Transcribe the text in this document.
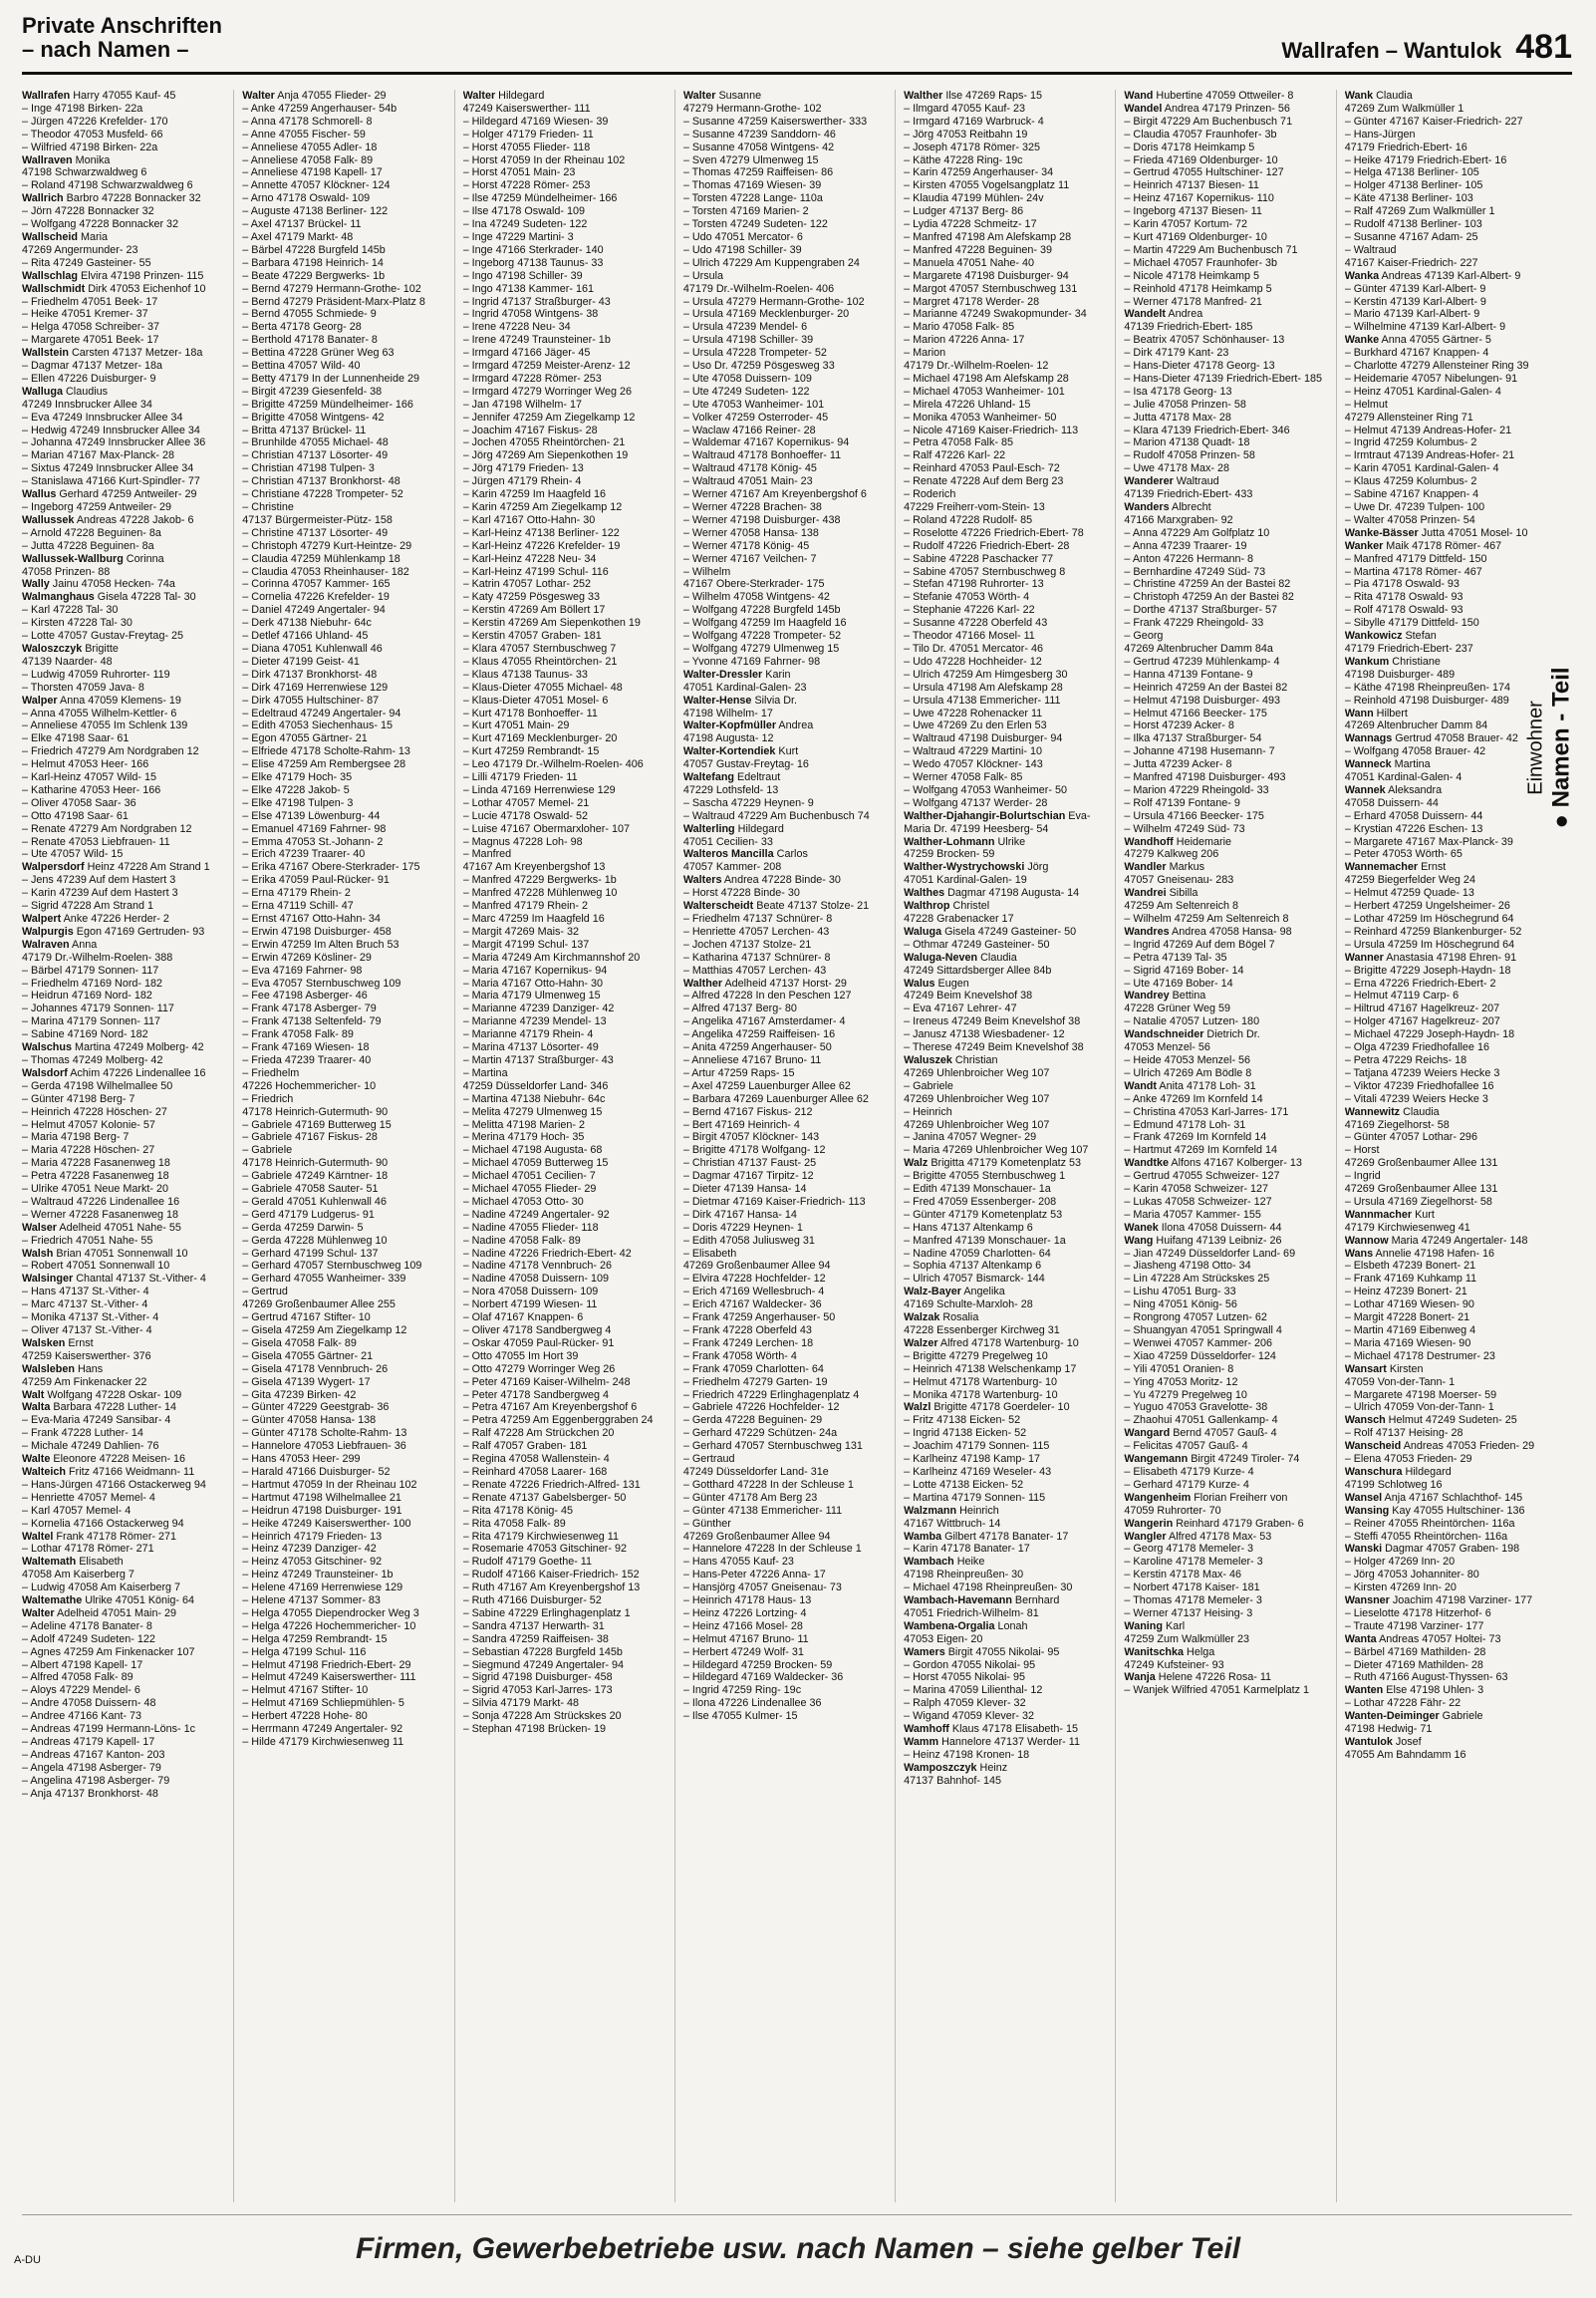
Private Anschriften
– nach Namen –	Wallrafen – Wantulok 481
Wallrafen Harry 47055 Kauf- 45
– Inge 47198 Birken- 22a
– Jürgen 47226 Krefelder- 170
– Theodor 47053 Musfeld- 66
– Wilfried 47198 Birken- 22a
Wallraven Monika
47198 Schwarzwaldweg 6
– Roland 47198 Schwarzwaldweg 6
Wallrich Barbro 47228 Bonnacker 32
– Jörn 47228 Bonnacker 32
– Wolfgang 47228 Bonnacker 32
Wallscheid Maria
47269 Angermunder- 23
– Rita 47249 Gasteiner- 55
Wallschlag Elvira 47198 Prinzen- 115
Wallschmidt Dirk 47053 Eichenhof 10
– Friedhelm 47051 Beek- 17
– Heike 47051 Kremer- 37
– Helga 47058 Schreiber- 37
– Margarete 47051 Beek- 17
Wallstein Carsten 47137 Metzer- 18a
– Dagmar 47137 Metzer- 18a
– Ellen 47226 Duisburger- 9
Walluga Claudius
47249 Innsbrucker Allee 34
– Eva 47249 Innsbrucker Allee 34
– Hedwig 47249 Innsbrucker Allee 34
– Johanna 47249 Innsbrucker Allee 36
– Marian 47167 Max-Planck- 28
– Sixtus 47249 Innsbrucker Allee 34
– Stanislawa 47166 Kurt-Spindler- 77
Wallus Gerhard 47259 Antweiler- 29
– Ingeborg 47259 Antweiler- 29
Wallussek Andreas 47228 Jakob- 6
– Arnold 47228 Beguinen- 8a
– Jutta 47228 Beguinen- 8a
Wallussek-Wallburg Corinna
47058 Prinzen- 88
Wally Jainu 47058 Hecken- 74a
Walmanghaus Gisela 47228 Tal- 30
– Karl 47228 Tal- 30
– Kirsten 47228 Tal- 30
– Lotte 47057 Gustav-Freytag- 25
Waloszczyk Brigitte
47139 Naarder- 48
– Ludwig 47059 Ruhrorter- 119
– Thorsten 47059 Java- 8
Walper Anna 47059 Klemens- 19
– Anna 47055 Wilhelm-Kettler- 6
– Anneliese 47055 Im Schlenk 139
– Elke 47198 Saar- 61
– Friedrich 47279 Am Nordgraben 12
– Helmut 47053 Heer- 166
– Karl-Heinz 47057 Wild- 15
– Katharine 47053 Heer- 166
– Oliver 47058 Saar- 36
– Otto 47198 Saar- 61
– Renate 47279 Am Nordgraben 12
– Renate 47053 Liebfrauen- 11
– Ute 47057 Wild- 15
Walpersdorf Heinz 47228 Am Strand 1
– Jens 47239 Auf dem Hastert 3
– Karin 47239 Auf dem Hastert 3
– Sigrid 47228 Am Strand 1
Walpert Anke 47226 Herder- 2
Walpurgis Egon 47169 Gertruden- 93
Walraven Anna
47179 Dr.-Wilhelm-Roelen- 388
– Bärbel 47179 Sonnen- 117
– Friedhelm 47169 Nord- 182
– Heidrun 47169 Nord- 182
– Johannes 47179 Sonnen- 117
– Marina 47179 Sonnen- 117
– Sabine 47169 Nord- 182
Walschus Martina 47249 Molberg- 42
– Thomas 47249 Molberg- 42
Walsdorf Achim 47226 Lindenallee 16
– Gerda 47198 Wilhelmallee 50
– Günter 47198 Berg- 7
– Heinrich 47228 Höschen- 27
– Helmut 47057 Kolonie- 57
– Maria 47198 Berg- 7
– Maria 47228 Höschen- 27
– Maria 47228 Fasanenweg 18
– Petra 47228 Fasanenweg 18
– Ulrike 47051 Neue Markt- 20
– Waltraud 47226 Lindenallee 16
– Werner 47228 Fasanenweg 18
Walser Adelheid 47051 Nahe- 55
– Friedrich 47051 Nahe- 55
Walsh Brian 47051 Sonnenwall 10
– Robert 47051 Sonnenwall 10
Walsinger Chantal 47137 St.-Vither- 4
– Hans 47137 St.-Vither- 4
– Marc 47137 St.-Vither- 4
– Monika 47137 St.-Vither- 4
– Oliver 47137 St.-Vither- 4
Walsken Ernst
47259 Kaiserswerther- 376
Walsleben Hans
47259 Am Finkenacker 22
Walt Wolfgang 47228 Oskar- 109
Walta Barbara 47228 Luther- 14
– Eva-Maria 47249 Sansibar- 4
– Frank 47228 Luther- 14
– Michale 47249 Dahlien- 76
Walte Eleonore 47228 Meisen- 16
Walteich Fritz 47166 Weidmann- 11
– Hans-Jürgen 47166 Ostackerweg 94
– Henriette 47057 Memel- 4
– Karl 47057 Memel- 4
– Kornelia 47166 Ostackerweg 94
Waltel Frank 47178 Römer- 271
– Lothar 47178 Römer- 271
Waltemath Elisabeth
47058 Am Kaiserberg 7
– Ludwig 47058 Am Kaiserberg 7
Waltemathe Ulrike 47051 König- 64
Walter Adelheid 47051 Main- 29
– Adeline 47178 Banater- 8
– Adolf 47249 Sudeten- 122
– Agnes 47259 Am Finkenacker 107
– Albert 47198 Kapell- 17
– Alfred 47058 Falk- 89
– Aloys 47229 Mendel- 6
– Andre 47058 Duissern- 48
– Andree 47166 Kant- 73
– Andreas 47199 Hermann-Löns- 1c
– Andreas 47179 Kapell- 17
– Andreas 47167 Kanton- 203
– Angela 47198 Asberger- 79
– Angelina 47198 Asberger- 79
– Anja 47137 Bronkhorst- 48
Walter Anja 47055 Flieder- 29
– Anke 47259 Angerhauser- 54b
– Anna 47178 Schmorell- 8
– Anne 47055 Fischer- 59
– Anneliese 47055 Adler- 18
– Anneliese 47058 Falk- 89
– Anneliese 47198 Kapell- 17
– Annette 47057 Klöckner- 124
– Arno 47178 Oswald- 109
– Auguste 47138 Berliner- 122
– Axel 47137 Brückel- 11
– Axel 47179 Markt- 48
– Bärbel 47228 Burgfeld 145b
– Barbara 47198 Heinrich- 14
– Beate 47229 Bergwerks- 1b
– Bernd 47279 Hermann-Grothe- 102
– Bernd 47279 Präsident-Marx-Platz 8
– Bernd 47055 Schmiede- 9
– Berta 47178 Georg- 28
– Berthold 47178 Banater- 8
– Bettina 47228 Grüner Weg 63
– Bettina 47057 Wild- 40
– Betty 47179 In der Lunnenheide 29
– Birgit 47239 Giesenfeld- 38
– Brigitte 47259 Mündelheimer- 166
– Brigitte 47058 Wintgens- 42
– Britta 47137 Brückel- 11
– Brunhilde 47055 Michael- 48
– Christian 47137 Lösorter- 49
– Christian 47198 Tulpen- 3
– Christian 47137 Bronkhorst- 48
– Christiane 47228 Trompeter- 52
– Christine
47137 Bürgermeister-Pütz- 158
– Christine 47137 Lösorter- 49
– Christoph 47279 Kurt-Heintze- 29
– Claudia 47259 Mühlenkamp 18
– Claudia 47053 Rheinhauser- 182
– Corinna 47057 Kammer- 165
– Cornelia 47226 Krefelder- 19
– Daniel 47249 Angertaler- 94
– Derk 47138 Niebuhr- 64c
– Detlef 47166 Uhland- 45
– Diana 47051 Kuhlenwall 46
– Dieter 47199 Geist- 41
– Dirk 47137 Bronkhorst- 48
– Dirk 47169 Herrenwiese 129
– Dirk 47055 Hultschiner- 87
– Edeltraud 47249 Angertaler- 94
– Edith 47053 Siechenhaus- 15
– Egon 47055 Gärtner- 21
– Elfriede 47178 Scholte-Rahm- 13
– Elise 47259 Am Rembergsee 28
– Elke 47179 Hoch- 35
– Elke 47228 Jakob- 5
– Elke 47198 Tulpen- 3
– Else 47139 Löwenburg- 44
– Emanuel 47169 Fahrner- 98
– Emma 47053 St.-Johann- 2
– Erich 47239 Traarer- 40
– Erika 47167 Obere-Sterkrader- 175
– Erika 47059 Paul-Rücker- 91
– Erna 47179 Rhein- 2
– Erna 47119 Schill- 47
– Ernst 47167 Otto-Hahn- 34
– Erwin 47198 Duisburger- 458
– Erwin 47259 Im Alten Bruch 53
– Erwin 47269 Kösliner- 29
– Eva 47169 Fahrner- 98
– Eva 47057 Sternbuschweg 109
– Fee 47198 Asberger- 46
– Frank 47178 Asberger- 79
– Frank 47138 Seltenfeld- 79
– Frank 47058 Falk- 89
– Frank 47169 Wiesen- 18
– Frieda 47239 Traarer- 40
– Friedhelm
47226 Hochemmericher- 10
– Friedrich
47178 Heinrich-Gutermuth- 90
– Gabriele 47169 Butterweg 15
– Gabriele 47167 Fiskus- 28
– Gabriele
47178 Heinrich-Gutermuth- 90
– Gabriele 47249 Kärntner- 18
– Gabriele 47058 Sauter- 51
– Gerald 47051 Kuhlenwall 46
– Gerd 47179 Ludgerus- 91
– Gerda 47259 Darwin- 5
– Gerda 47228 Mühlenweg 10
– Gerhard 47199 Schul- 137
– Gerhard 47057 Sternbuschweg 109
– Gerhard 47055 Wanheimer- 339
– Gertrud
47269 Großenbaumer Allee 255
– Gertrud 47167 Stifter- 10
– Gisela 47259 Am Ziegelkamp 12
– Gisela 47058 Falk- 89
– Gisela 47055 Gärtner- 21
– Gisela 47178 Vennbruch- 26
– Gisela 47139 Wygert- 17
– Gita 47239 Birken- 42
– Günter 47229 Geestgrab- 36
– Günter 47058 Hansa- 138
– Günter 47178 Scholte-Rahm- 13
– Hannelore 47053 Liebfrauen- 36
– Hans 47053 Heer- 299
– Harald 47166 Duisburger- 52
– Hartmut 47059 In der Rheinau 102
– Hartmut 47198 Wilhelmallee 21
– Heidrun 47198 Duisburger- 191
– Heike 47249 Kaiserswerther- 100
– Heinrich 47179 Frieden- 13
– Heinz 47239 Danziger- 42
– Heinz 47053 Gitschiner- 92
– Heinz 47249 Traunsteiner- 1b
– Helene 47169 Herrenwiese 129
– Helene 47137 Sommer- 83
– Helga 47055 Diependrocker Weg 3
– Helga 47226 Hochemmericher- 10
– Helga 47259 Rembrandt- 15
– Helga 47199 Schul- 116
– Helmut 47198 Friedrich-Ebert- 29
– Helmut 47249 Kaiserswerther- 111
– Helmut 47167 Stifter- 10
– Helmut 47169 Schliepmühlen- 5
– Herbert 47228 Hohe- 80
– Herrmann 47249 Angertaler- 92
– Hilde 47179 Kirchwiesenweg 11
Walter Hildegard
47249 Kaiserswerther- 111
– Hildegard 47169 Wiesen- 39
– Holger 47179 Frieden- 11
– Horst 47055 Flieder- 118
– Horst 47059 In der Rheinau 102
– Horst 47051 Main- 23
– Horst 47228 Römer- 253
– Ilse 47259 Mündelheimer- 166
– Ilse 47178 Oswald- 109
– Ina 47249 Sudeten- 122
– Inge 47229 Martini- 3
– Inge 47166 Sterkrader- 140
– Ingeborg 47138 Taunus- 33
– Ingo 47198 Schiller- 39
– Ingo 47138 Kammer- 161
– Ingrid 47137 Straßburger- 43
– Ingrid 47058 Wintgens- 38
– Irene 47228 Neu- 34
– Irene 47249 Traunsteiner- 1b
– Irmgard 47166 Jäger- 45
– Irmgard 47259 Meister-Arenz- 12
– Irmgard 47228 Römer- 253
– Irmgard 47279 Worringer Weg 26
– Jan 47198 Wilhelm- 17
– Jennifer 47259 Am Ziegelkamp 12
– Joachim 47167 Fiskus- 28
– Jochen 47055 Rheintörchen- 21
– Jörg 47269 Am Siepenkothen 19
– Jörg 47179 Frieden- 13
– Jürgen 47179 Rhein- 4
– Karin 47259 Im Haagfeld 16
– Karin 47259 Am Ziegelkamp 12
– Karl 47167 Otto-Hahn- 30
– Karl-Heinz 47138 Berliner- 122
– Karl-Heinz 47226 Krefelder- 19
– Karl-Heinz 47228 Neu- 34
– Karl-Heinz 47199 Schul- 116
– Katrin 47057 Lothar- 252
– Katy 47259 Pösgesweg 33
– Kerstin 47269 Am Böllert 17
– Kerstin 47269 Am Siepenkothen 19
– Kerstin 47057 Graben- 181
– Klara 47057 Sternbuschweg 7
– Klaus 47055 Rheintörchen- 21
– Klaus 47138 Taunus- 33
– Klaus-Dieter 47055 Michael- 48
– Klaus-Dieter 47051 Mosel- 6
– Kurt 47178 Bonhoeffer- 11
– Kurt 47051 Main- 29
– Kurt 47169 Mecklenburger- 20
– Kurt 47259 Rembrandt- 15
– Leo 47179 Dr.-Wilhelm-Roelen- 406
– Lilli 47179 Frieden- 11
– Linda 47169 Herrenwiese 129
– Lothar 47057 Memel- 21
– Lucie 47178 Oswald- 52
– Luise 47167 Obermarxloher- 107
– Magnus 47228 Loh- 98
– Manfred
47167 Am Kreyenbergshof 13
– Manfred 47229 Bergwerks- 1b
– Manfred 47228 Mühlenweg 10
– Manfred 47179 Rhein- 2
– Marc 47259 Im Haagfeld 16
– Margit 47269 Mais- 32
– Margit 47199 Schul- 137
– Maria 47249 Am Kirchmannshof 20
– Maria 47167 Kopernikus- 94
– Maria 47167 Otto-Hahn- 30
– Maria 47179 Ulmenweg 15
– Marianne 47239 Danziger- 42
– Marianne 47239 Mendel- 13
– Marianne 47179 Rhein- 4
– Marina 47137 Lösorter- 49
– Martin 47137 Straßburger- 43
– Martina
47259 Düsseldorfer Land- 346
– Martina 47138 Niebuhr- 64c
– Melita 47279 Ulmenweg 15
– Melitta 47198 Marien- 2
– Merina 47179 Hoch- 35
– Michael 47198 Augusta- 68
– Michael 47059 Butterweg 15
– Michael 47051 Cecilien- 7
– Michael 47055 Flieder- 29
– Michael 47053 Otto- 30
– Nadine 47249 Angertaler- 92
– Nadine 47055 Flieder- 118
– Nadine 47058 Falk- 89
– Nadine 47226 Friedrich-Ebert- 42
– Nadine 47178 Vennbruch- 26
– Nadine 47058 Duissern- 109
– Nora 47058 Duissern- 109
– Norbert 47199 Wiesen- 11
– Olaf 47167 Knappen- 6
– Oliver 47178 Sandbergweg 4
– Oskar 47059 Paul-Rücker- 91
– Otto 47055 Im Hort 39
– Otto 47279 Worringer Weg 26
– Peter 47169 Kaiser-Wilhelm- 248
– Peter 47178 Sandbergweg 4
– Petra 47167 Am Kreyenbergshof 6
– Petra 47259 Am Eggenberggraben 24
– Ralf 47228 Am Strückchen 20
– Ralf 47057 Graben- 181
– Regina 47058 Wallenstein- 4
– Reinhard 47058 Laarer- 168
– Renate 47226 Friedrich-Alfred- 131
– Renate 47137 Gabelsberger- 50
– Rita 47178 König- 45
– Rita 47058 Falk- 89
– Rita 47179 Kirchwiesenweg 11
– Rosemarie 47053 Gitschiner- 92
– Rudolf 47179 Goethe- 11
– Rudolf 47166 Kaiser-Friedrich- 152
– Ruth 47167 Am Kreyenbergshof 13
– Ruth 47166 Duisburger- 52
– Sabine 47229 Erlinghagenplatz 1
– Sandra 47137 Herwarth- 31
– Sandra 47259 Raiffeisen- 38
– Sebastian 47228 Burgfeld 145b
– Siegmund 47249 Angertaler- 94
– Sigrid 47198 Duisburger- 458
– Sigrid 47053 Karl-Jarres- 173
– Silvia 47179 Markt- 48
– Sonja 47228 Am Strückskes 20
– Stephan 47198 Brücken- 19
Walter Susanne
47279 Hermann-Grothe- 102
– Susanne 47259 Kaiserswerther- 333
– Susanne 47239 Sanddorn- 46
– Susanne 47058 Wintgens- 42
– Sven 47279 Ulmenweg 15
– Thomas 47259 Raiffeisen- 86
– Thomas 47169 Wiesen- 39
– Torsten 47228 Lange- 110a
– Torsten 47169 Marien- 2
– Torsten 47249 Sudeten- 122
– Udo 47051 Mercator- 6
– Udo 47198 Schiller- 39
– Ulrich 47229 Am Kuppengraben 24
– Ursula
47179 Dr.-Wilhelm-Roelen- 406
– Ursula 47279 Hermann-Grothe- 102
– Ursula 47169 Mecklenburger- 20
– Ursula 47239 Mendel- 6
– Ursula 47198 Schiller- 39
– Ursula 47228 Trompeter- 52
– Uso Dr. 47259 Pösgesweg 33
– Ute 47058 Duissern- 109
– Ute 47249 Sudeten- 122
– Ute 47053 Wanheimer- 101
– Volker 47259 Osterroder- 45
– Waclaw 47166 Reiner- 28
– Waldemar 47167 Kopernikus- 94
– Waltraud 47178 Bonhoeffer- 11
– Waltraud 47178 König- 45
– Waltraud 47051 Main- 23
– Werner 47167 Am Kreyenbergshof 6
– Werner 47228 Brachen- 38
– Werner 47198 Duisburger- 438
– Werner 47058 Hansa- 138
– Werner 47178 König- 45
– Werner 47167 Veilchen- 7
– Wilhelm
47167 Obere-Sterkrader- 175
– Wilhelm 47058 Wintgens- 42
– Wolfgang 47228 Burgfeld 145b
– Wolfgang 47259 Im Haagfeld 16
– Wolfgang 47228 Trompeter- 52
– Wolfgang 47279 Ulmenweg 15
– Yvonne 47169 Fahrner- 98
Walter-Dressler Karin
47051 Kardinal-Galen- 23
Walter-Hense Silvia Dr.
47198 Wilhelm- 17
Walter-Kopfmüller Andrea
47198 Augusta- 12
Walter-Kortendiek Kurt
47057 Gustav-Freytag- 16
Waltefang Edeltraut
47229 Lothsfeld- 13
– Sascha 47229 Heynen- 9
– Waltraud 47229 Am Buchenbusch 74
Walterling Hildegard
47051 Cecilien- 33
Walteros Mancilla Carlos
47057 Kammer- 208
Walters Andrea 47228 Binde- 30
– Horst 47228 Binde- 30
Walterscheidt Beate 47137 Stolze- 21
– Friedhelm 47137 Schnürer- 8
– Henriette 47057 Lerchen- 43
– Jochen 47137 Stolze- 21
– Katharina 47137 Schnürer- 8
– Matthias 47057 Lerchen- 43
Walther Adelheid 47137 Horst- 29
– Alfred 47228 In den Peschen 127
– Alfred 47137 Berg- 80
– Angelika 47167 Amsterdamer- 4
– Angelika 47259 Raiffeisen- 16
– Anita 47259 Angerhauser- 50
– Anneliese 47167 Bruno- 11
– Artur 47259 Raps- 15
– Axel 47259 Lauenburger Allee 62
– Barbara 47269 Lauenburger Allee 62
– Bernd 47167 Fiskus- 212
– Bert 47169 Heinrich- 4
– Birgit 47057 Klöckner- 143
– Brigitte 47178 Wolfgang- 12
– Christian 47137 Faust- 25
– Dagmar 47167 Tirpitz- 12
– Dieter 47139 Hansa- 14
– Dietmar 47169 Kaiser-Friedrich- 113
– Dirk 47167 Hansa- 14
– Doris 47229 Heynen- 1
– Edith 47058 Juliusweg 31
– Elisabeth
47269 Großenbaumer Allee 94
– Elvira 47228 Hochfelder- 12
– Erich 47169 Wellesbruch- 4
– Erich 47167 Waldecker- 36
– Frank 47259 Angerhauser- 50
– Frank 47228 Oberfeld 43
– Frank 47249 Lerchen- 18
– Frank 47058 Wörth- 4
– Frank 47059 Charlotten- 64
– Friedhelm 47279 Garten- 19
– Friedrich 47229 Erlinghagenplatz 4
– Gabriele 47226 Hochfelder- 12
– Gerda 47228 Beguinen- 29
– Gerhard 47229 Schützen- 24a
– Gerhard 47057 Sternbuschweg 131
– Gertraud
47249 Düsseldorfer Land- 31e
– Gotthard 47228 In der Schleuse 1
– Günter 47178 Am Berg 23
– Günter 47138 Emmericher- 111
– Günther
47269 Großenbaumer Allee 94
– Hannelore 47228 In der Schleuse 1
– Hans 47055 Kauf- 23
– Hans-Peter 47226 Anna- 17
– Hansjörg 47057 Gneisenau- 73
– Heinrich 47178 Haus- 13
– Heinz 47226 Lortzing- 4
– Heinz 47166 Mosel- 28
– Helmut 47167 Bruno- 11
– Herbert 47249 Wolf- 31
– Hildegard 47259 Brocken- 59
– Hildegard 47169 Waldecker- 36
– Ingrid 47259 Ring- 19c
– Ilona 47226 Lindenallee 36
– Ilse 47055 Kulmer- 15
Walther Ilse 47269 Raps- 15
– Ilmgard 47055 Kauf- 23
– Irmgard 47169 Warbruck- 4
– Jörg 47053 Reitbahn 19
– Joseph 47178 Römer- 325
– Käthe 47228 Ring- 19c
– Karin 47259 Angerhauser- 34
– Kirsten 47055 Vogelsangplatz 11
– Klaudia 47199 Mühlen- 24v
– Ludger 47137 Berg- 86
– Lydia 47228 Schmeitz- 17
– Manfred 47198 Am Alefskamp 28
– Manfred 47228 Beguinen- 39
– Manuela 47051 Nahe- 40
– Margarete 47198 Duisburger- 94
– Margot 47057 Sternbuschweg 131
– Margret 47178 Werder- 28
– Marianne 47249 Swakopmunder- 34
– Mario 47058 Falk- 85
– Marion 47226 Anna- 17
– Marion
47179 Dr.-Wilhelm-Roelen- 12
– Michael 47198 Am Alefskamp 28
– Michael 47053 Wanheimer- 101
– Mirela 47226 Uhland- 15
– Monika 47053 Wanheimer- 50
– Nicole 47169 Kaiser-Friedrich- 113
– Petra 47058 Falk- 85
– Ralf 47226 Karl- 22
– Reinhard 47053 Paul-Esch- 72
– Renate 47228 Auf dem Berg 23
– Roderich
47229 Freiherr-vom-Stein- 13
– Roland 47228 Rudolf- 85
– Roselotte 47226 Friedrich-Ebert- 78
– Rudolf 47226 Friedrich-Ebert- 28
– Sabine 47228 Paschacker 77
– Sabine 47057 Sternbuschweg 8
– Stefan 47198 Ruhrorter- 13
– Stefanie 47053 Wörth- 4
– Stephanie 47226 Karl- 22
– Susanne 47228 Oberfeld 43
– Theodor 47166 Mosel- 11
– Tilo Dr. 47051 Mercator- 46
– Udo 47228 Hochheider- 12
– Ulrich 47259 Am Himgesberg 30
– Ursula 47198 Am Alefskamp 28
– Ursula 47138 Emmericher- 111
– Uwe 47228 Rohenacker 11
– Uwe 47269 Zu den Erlen 53
– Waltraud 47198 Duisburger- 94
– Waltraud 47229 Martini- 10
– Wedo 47057 Klöckner- 143
– Werner 47058 Falk- 85
– Wolfgang 47053 Wanheimer- 50
– Wolfgang 47137 Werder- 28
Walther-Djahangir-Bolurtschian Eva-
Maria Dr. 47199 Heesberg- 54
Walther-Lohmann Ulrike
47259 Brocken- 59
Walther-Wystrychowski Jörg
47051 Kardinal-Galen- 19
Walthes Dagmar 47198 Augusta- 14
Walthrop Christel
47228 Grabenacker 17
Waluga Gisela 47249 Gasteiner- 50
– Othmar 47249 Gasteiner- 50
Waluga-Neven Claudia
47249 Sittardsberger Allee 84b
Walus Eugen
47249 Beim Knevelshof 38
– Eva 47167 Lehrer- 47
– Ireneus 47249 Beim Knevelshof 38
– Janusz 47138 Wiesbadener- 12
– Therese 47249 Beim Knevelshof 38
Waluszek Christian
47269 Uhlenbroicher Weg 107
– Gabriele
47269 Uhlenbroicher Weg 107
– Heinrich
47269 Uhlenbroicher Weg 107
– Janina 47057 Wegner- 29
– Maria 47269 Uhlenbroicher Weg 107
Walz Brigitta 47179 Kometenplatz 53
– Brigitte 47055 Sternbuschweg 1
– Edith 47139 Monschauer- 1a
– Fred 47059 Essenberger- 208
– Günter 47179 Kometenplatz 53
– Hans 47137 Altenkamp 6
– Manfred 47139 Monschauer- 1a
– Nadine 47059 Charlotten- 64
– Sophia 47137 Altenkamp 6
– Ulrich 47057 Bismarck- 144
Walz-Bayer Angelika
47169 Schulte-Marxloh- 28
Walzak Rosalia
47228 Essenberger Kirchweg 31
Walzer Alfred 47178 Wartenburg- 10
– Brigitte 47279 Pregelweg 10
– Heinrich 47138 Welschenkamp 17
– Helmut 47178 Wartenburg- 10
– Monika 47178 Wartenburg- 10
Walzl Brigitte 47178 Goerdeler- 10
– Fritz 47138 Eicken- 52
– Ingrid 47138 Eicken- 52
– Joachim 47179 Sonnen- 115
– Karlheinz 47198 Kamp- 17
– Karlheinz 47169 Weseler- 43
– Lotte 47138 Eicken- 52
– Martina 47179 Sonnen- 115
Walzmann Heinrich
47167 Wittbruch- 14
Wamba Gilbert 47178 Banater- 17
– Karin 47178 Banater- 17
Wambach Heike
47198 Rheinpreußen- 30
– Michael 47198 Rheinpreußen- 30
Wambach-Havemann Bernhard
47051 Friedrich-Wilhelm- 81
Wambena-Orgalia Lonah
47053 Eigen- 20
Wamers Birgit 47055 Nikolai- 95
– Gordon 47055 Nikolai- 95
– Horst 47055 Nikolai- 95
– Marina 47059 Lilienthal- 12
– Ralph 47059 Klever- 32
– Wigand 47059 Klever- 32
Wamhoff Klaus 47178 Elisabeth- 15
Wamm Hannelore 47137 Werder- 11
– Heinz 47198 Kronen- 18
Wamposzczyk Heinz
47137 Bahnhof- 145
Wand Hubertine 47059 Ottweiler- 8
Wandel Andrea 47179 Prinzen- 56
– Birgit 47229 Am Buchenbusch 71
– Claudia 47057 Fraunhofer- 3b
– Doris 47178 Heimkamp 5
– Frieda 47169 Oldenburger- 10
– Gertrud 47055 Hultschiner- 127
– Heinrich 47137 Biesen- 11
– Heinz 47167 Kopernikus- 110
– Ingeborg 47137 Biesen- 11
– Karin 47057 Kortum- 72
– Kurt 47169 Oldenburger- 10
– Martin 47229 Am Buchenbusch 71
– Michael 47057 Fraunhofer- 3b
– Nicole 47178 Heimkamp 5
– Reinhold 47178 Heimkamp 5
– Werner 47178 Manfred- 21
Wandelt Andrea
47139 Friedrich-Ebert- 185
– Beatrix 47057 Schönhauser- 13
– Dirk 47179 Kant- 23
– Hans-Dieter 47178 Georg- 13
– Hans-Dieter 47139 Friedrich-Ebert- 185
– Isa 47178 Georg- 13
– Julie 47058 Prinzen- 58
– Jutta 47178 Max- 28
– Klara 47139 Friedrich-Ebert- 346
– Marion 47138 Quadt- 18
– Rudolf 47058 Prinzen- 58
– Uwe 47178 Max- 28
Wanderer Waltraud
47139 Friedrich-Ebert- 433
Wanders Albrecht
47166 Marxgraben- 92
– Anna 47229 Am Golfplatz 10
– Anna 47239 Traarer- 19
– Anton 47226 Hermann- 8
– Bernhardine 47249 Süd- 73
– Christine 47259 An der Bastei 82
– Christoph 47259 An der Bastei 82
– Dorthe 47137 Straßburger- 57
– Frank 47229 Rheingold- 33
– Georg
47269 Altenbrucher Damm 84a
– Gertrud 47239 Mühlenkamp- 4
– Hanna 47139 Fontane- 9
– Heinrich 47259 An der Bastei 82
– Helmut 47198 Duisburger- 493
– Helmut 47166 Beecker- 175
– Horst 47239 Acker- 8
– Ilka 47137 Straßburger- 54
– Johanne 47198 Husemann- 7
– Jutta 47239 Acker- 8
– Manfred 47198 Duisburger- 493
– Marion 47229 Rheingold- 33
– Rolf 47139 Fontane- 9
– Ursula 47166 Beecker- 175
– Wilhelm 47249 Süd- 73
Wandhoff Heidemarie
47279 Kalkweg 206
Wandler Markus
47057 Gneisenau- 283
Wandrei Sibilla
47259 Am Seltenreich 8
– Wilhelm 47259 Am Seltenreich 8
Wandres Andrea 47058 Hansa- 98
– Ingrid 47269 Auf dem Bögel 7
– Petra 47139 Tal- 35
– Sigrid 47169 Bober- 14
– Ute 47169 Bober- 14
Wandrey Bettina
47228 Grüner Weg 59
– Natalie 47057 Lutzen- 180
Wandschneider Dietrich Dr.
47053 Menzel- 56
– Heide 47053 Menzel- 56
– Ulrich 47269 Am Bödle 8
Wandt Anita 47178 Loh- 31
– Anke 47269 Im Kornfeld 14
– Christina 47053 Karl-Jarres- 171
– Edmund 47178 Loh- 31
– Frank 47269 Im Kornfeld 14
– Hartmut 47269 Im Kornfeld 14
Wandtke Alfons 47167 Kolberger- 13
– Gertrud 47055 Schweizer- 127
– Karin 47058 Schweizer- 127
– Lukas 47058 Schweizer- 127
– Maria 47057 Kammer- 155
Wanek Ilona 47058 Duissern- 44
Wang Huifang 47139 Leibniz- 26
– Jian 47249 Düsseldorfer Land- 69
– Jiasheng 47198 Otto- 34
– Lin 47228 Am Strückskes 25
– Lishu 47051 Burg- 33
– Ning 47051 König- 56
– Rongrong 47057 Lutzen- 62
– Shuangyan 47051 Springwall 4
– Wenwei 47057 Kammer- 206
– Xiao 47259 Düsseldorfer- 124
– Yili 47051 Oranien- 8
– Ying 47053 Moritz- 12
– Yu 47279 Pregelweg 10
– Yuguo 47053 Gravelotte- 38
– Zhaohui 47051 Gallenkamp- 4
Wangard Bernd 47057 Gauß- 4
– Felicitas 47057 Gauß- 4
Wangemann Birgit 47249 Tiroler- 74
– Elisabeth 47179 Kurze- 4
– Gerhard 47179 Kurze- 4
Wangenheim Florian Freiherr von
47059 Ruhrorter- 70
Wangerin Reinhard 47179 Graben- 6
Wangler Alfred 47178 Max- 53
– Georg 47178 Memeler- 3
– Karoline 47178 Memeler- 3
– Kerstin 47178 Max- 46
– Norbert 47178 Kaiser- 181
– Thomas 47178 Memeler- 3
– Werner 47137 Heising- 3
Waning Karl
47259 Zum Walkmüller 23
Wanitschka Helga
47249 Kufsteiner- 93
Wanja Helene 47226 Rosa- 11
– Wanjek Wilfried 47051 Karmelplatz 1
Wank Claudia
47269 Zum Walkmüller 1
– Günter 47167 Kaiser-Friedrich- 227
– Hans-Jürgen
47179 Friedrich-Ebert- 16
– Heike 47179 Friedrich-Ebert- 16
– Helga 47138 Berliner- 105
– Holger 47138 Berliner- 105
– Käte 47138 Berliner- 103
– Ralf 47269 Zum Walkmüller 1
– Rudolf 47138 Berliner- 103
– Susanne 47167 Adam- 25
– Waltraud
47167 Kaiser-Friedrich- 227
Wanka Andreas 47139 Karl-Albert- 9
– Günter 47139 Karl-Albert- 9
– Kerstin 47139 Karl-Albert- 9
– Mario 47139 Karl-Albert- 9
– Wilhelmine 47139 Karl-Albert- 9
Wanke Anna 47055 Gärtner- 5
– Burkhard 47167 Knappen- 4
– Charlotte 47279 Allensteiner Ring 39
– Heidemarie 47057 Nibelungen- 91
– Heinz 47051 Kardinal-Galen- 4
– Helmut
47279 Allensteiner Ring 71
– Helmut 47139 Andreas-Hofer- 21
– Ingrid 47259 Kolumbus- 2
– Irmtraut 47139 Andreas-Hofer- 21
– Karin 47051 Kardinal-Galen- 4
– Klaus 47259 Kolumbus- 2
– Sabine 47167 Knappen- 4
– Uwe Dr. 47239 Tulpen- 100
– Walter 47058 Prinzen- 54
Wanke-Bässer Jutta 47051 Mosel- 10
Wanker Maik 47178 Römer- 467
– Manfred 47179 Dittfeld- 150
– Martina 47178 Römer- 467
– Pia 47178 Oswald- 93
– Rita 47178 Oswald- 93
– Rolf 47178 Oswald- 93
– Sibylle 47179 Dittfeld- 150
Wankowicz Stefan
47179 Friedrich-Ebert- 237
Wankum Christiane
47198 Duisburger- 489
– Käthe 47198 Rheinpreußen- 174
– Reinhold 47198 Duisburger- 489
Wann Hilbert
47269 Altenbrucher Damm 84
Wannags Gertrud 47058 Brauer- 42
– Wolfgang 47058 Brauer- 42
Wanneck Martina
47051 Kardinal-Galen- 4
Wannek Aleksandra
47058 Duissern- 44
– Erhard 47058 Duissern- 44
– Krystian 47226 Eschen- 13
– Margarete 47167 Max-Planck- 39
– Peter 47053 Wörth- 65
Wannemacher Ernst
47259 Biegerfelder Weg 24
– Helmut 47259 Quade- 13
– Herbert 47259 Ungelsheimer- 26
– Lothar 47259 Im Höschegrund 64
– Reinhard 47259 Blankenburger- 52
– Ursula 47259 Im Höschegrund 64
Wanner Anastasia 47198 Ehren- 91
– Brigitte 47229 Joseph-Haydn- 18
– Erna 47226 Friedrich-Ebert- 2
– Helmut 47119 Carp- 6
– Hiltrud 47167 Hagelkreuz- 207
– Holger 47167 Hagelkreuz- 207
– Michael 47229 Joseph-Haydn- 18
– Olga 47239 Friedhofallee 16
– Petra 47229 Reichs- 18
– Tatjana 47239 Weiers Hecke 3
– Viktor 47239 Friedhofallee 16
– Vitali 47239 Weiers Hecke 3
Wannewitz Claudia
47169 Ziegelhorst- 58
– Günter 47057 Lothar- 296
– Horst
47269 Großenbaumer Allee 131
– Ingrid
47269 Großenbaumer Allee 131
– Ursula 47169 Ziegelhorst- 58
Wannmacher Kurt
47179 Kirchwiesenweg 41
Wannow Maria 47249 Angertaler- 148
Wans Annelie 47198 Hafen- 16
– Elsbeth 47239 Bonert- 21
– Frank 47169 Kuhkamp 11
– Heinz 47239 Bonert- 21
– Lothar 47169 Wiesen- 90
– Margit 47228 Bonert- 21
– Martin 47169 Eibenweg 4
– Maria 47169 Wiesen- 90
– Michael 47178 Destrumer- 23
Wansart Kirsten
47059 Von-der-Tann- 1
– Margarete 47198 Moerser- 59
– Ulrich 47059 Von-der-Tann- 1
Wansch Helmut 47249 Sudeten- 25
– Rolf 47137 Heising- 28
Wanscheid Andreas 47053 Frieden- 29
– Elena 47053 Frieden- 29
Wanschura Hildegard
47199 Schlotweg 16
Wansel Anja 47167 Schlachthof- 145
Wansing Kay 47055 Hultschiner- 136
– Reiner 47055 Rheintörchen- 116a
– Steffi 47055 Rheintörchen- 116a
Wanski Dagmar 47057 Graben- 198
– Holger 47269 Inn- 20
– Jörg 47053 Johanniter- 80
– Kirsten 47269 Inn- 20
Wansner Joachim 47198 Varziner- 177
– Lieselotte 47178 Hitzerhof- 6
– Traute 47198 Varziner- 177
Wanta Andreas 47057 Holtei- 73
– Bärbel 47169 Mathilden- 28
– Dieter 47169 Mathilden- 28
– Ruth 47166 August-Thyssen- 63
Wanten Else 47198 Uhlen- 3
– Lothar 47228 Fähr- 22
Wanten-Deiminger Gabriele
47198 Hedwig- 71
Wantulok Josef
47055 Am Bahndamm 16
Einwohner ● Namen - Teil
Firmen, Gewerbebetriebe usw. nach Namen – siehe gelber Teil
A-DU
